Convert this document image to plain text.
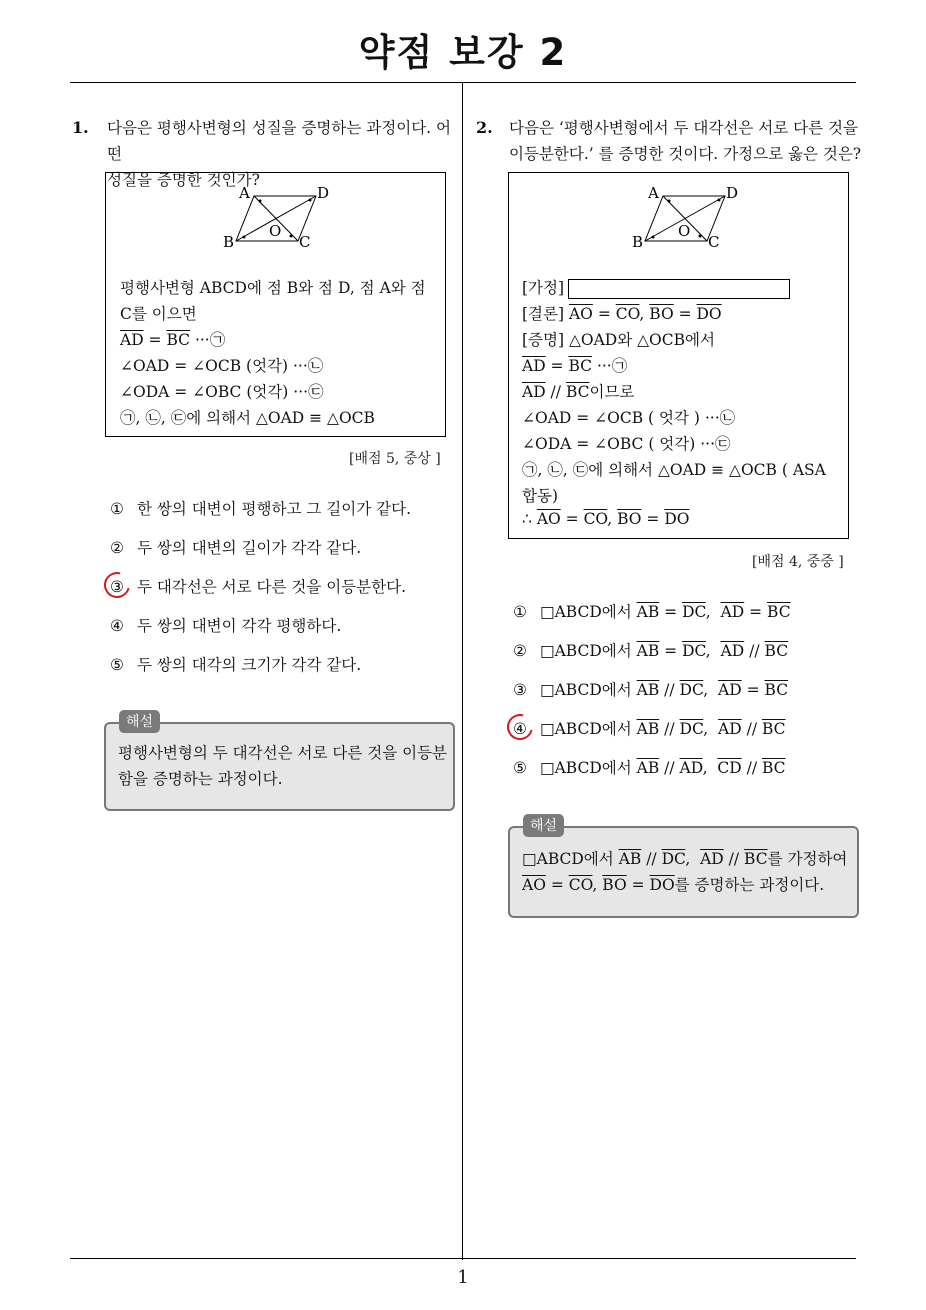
약점 보강 2
1
1. 다음은 평행사변형의 성질을 증명하는 과정이다. 어떤
성질을 증명한 것인가?
A	D
B	C
O
평행사변형 ABCD에 점 B와 점 D, 점 A와 점
C를 이으면
$\overline{AD} = \overline{BC}$ ···㉠
∠OAD = ∠OCB (엇각) ···㉡
∠ODA = ∠OBC (엇각) ···㉢
㉠, ㉡, ㉢에 의해서 △OAD ≡ △OCB
[배점 5, 중상 ]
① 한 쌍의 대변이 평행하고 그 길이가 같다.
② 두 쌍의 대변의 길이가 각각 같다.
③ 두 대각선은 서로 다른 것을 이등분한다.
④ 두 쌍의 대변이 각각 평행하다.
⑤ 두 쌍의 대각의 크기가 각각 같다.
평행사변형의 두 대각선은 서로 다른 것을 이등분
함을 증명하는 과정이다.
해설
2. 다음은 ‘평행사변형에서 두 대각선은 서로 다른 것을
이등분한다.’ 를 증명한 것이다. 가정으로 옳은 것은?
A	D
B	C
O
[가정]
[결론] $\overline{AO} = \overline{CO}$, $\overline{BO} = \overline{DO}$
[증명] △OAD와 △OCB에서
$\overline{AD} = \overline{BC}$ ···㉠
$\overline{AD} // \overline{BC}$이므로
∠OAD = ∠OCB ( 엇각 ) ···㉡
∠ODA = ∠OBC ( 엇각) ···㉢
㉠, ㉡, ㉢에 의해서 △OAD ≡ △OCB ( ASA
합동)
∴ $\overline{AO} = \overline{CO}$, $\overline{BO} = \overline{DO}$
[배점 4, 중중 ]
① □ABCD에서 $\overline{AB} = \overline{DC}$,  $\overline{AD} = \overline{BC}$
② □ABCD에서 $\overline{AB} = \overline{DC}$,  $\overline{AD} // \overline{BC}$
③ □ABCD에서 $\overline{AB} // \overline{DC}$,  $\overline{AD} = \overline{BC}$
④ □ABCD에서 $\overline{AB} // \overline{DC}$,  $\overline{AD} // \overline{BC}$
⑤ □ABCD에서 $\overline{AB} // \overline{AD}$,  $\overline{CD} // \overline{BC}$
□ABCD에서 $\overline{AB} // \overline{DC}$,  $\overline{AD} // \overline{BC}$를 가정하여
$\overline{AO} = \overline{CO}$, $\overline{BO} = \overline{DO}$를 증명하는 과정이다.
해설
